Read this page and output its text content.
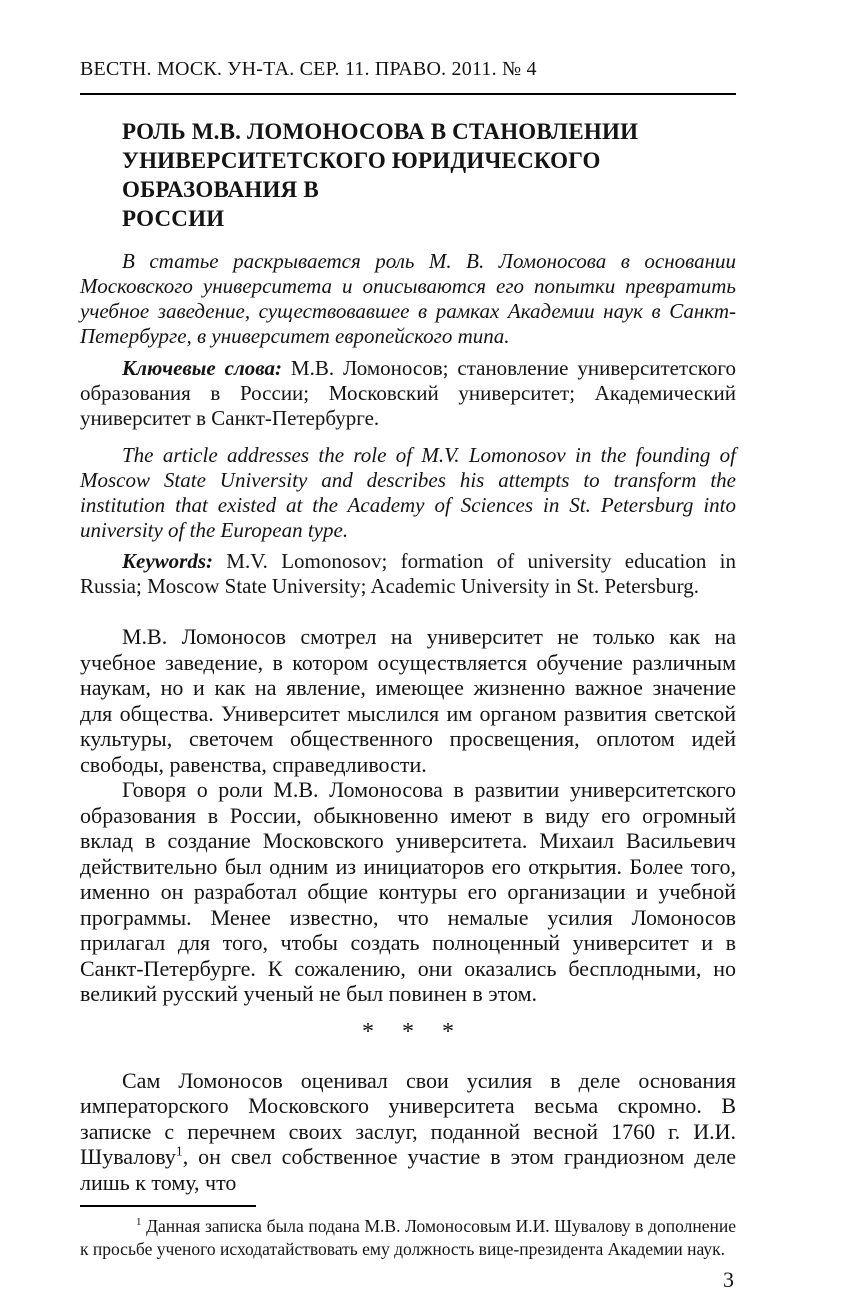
ВЕСТН. МОСК. УН-ТА. СЕР. 11. ПРАВО. 2011. № 4
РОЛЬ М.В. ЛОМОНОСОВА В СТАНОВЛЕНИИ
УНИВЕРСИТЕТСКОГО ЮРИДИЧЕСКОГО ОБРАЗОВАНИЯ В
РОССИИ

В статье раскрывается роль М. В. Ломоносова в основании Московского университета и описываются его попытки превратить учебное заведение, существовавшее в рамках Академии наук в Санкт-Петербурге, в университет европейского типа.

Ключевые слова: М.В. Ломоносов; становление университетского образования в России; Московский университет; Академический университет в Санкт-Петербурге.

The article addresses the role of M.V. Lomonosov in the founding of Moscow State University and describes his attempts to transform the institution that existed at the Academy of Sciences in St. Petersburg into university of the European type.

Keywords: M.V. Lomonosov; formation of university education in Russia; Moscow State University; Academic University in St. Petersburg.

М.В. Ломоносов смотрел на университет не только как на учебное заведение, в котором осуществляется обучение различным наукам, но и как на явление, имеющее жизненно важное значение для общества. Университет мыслился им органом развития светской культуры, светочем общественного просвещения, оплотом идей свободы, равенства, справедливости.

Говоря о роли М.В. Ломоносова в развитии университетского образования в России, обыкновенно имеют в виду его огромный вклад в создание Московского университета. Михаил Васильевич действительно был одним из инициаторов его открытия. Более того, именно он разработал общие контуры его организации и учебной программы. Менее известно, что немалые усилия Ломоносов прилагал для того, чтобы создать полноценный университет и в Санкт-Петербурге. К сожалению, они оказались бесплодными, но великий русский ученый не был повинен в этом.

* * *

Сам Ломоносов оценивал свои усилия в деле основания императорского Московского университета весьма скромно. В записке с перечнем своих заслуг, поданной весной 1760 г. И.И. Шувалову$^1$, он свел собственное участие в этом грандиозном деле лишь к тому, что

$^1$ Данная записка была подана М.В. Ломоносовым И.И. Шувалову в дополнение к просьбе ученого исходатайствовать ему должность вице-президента Академии наук.

3
